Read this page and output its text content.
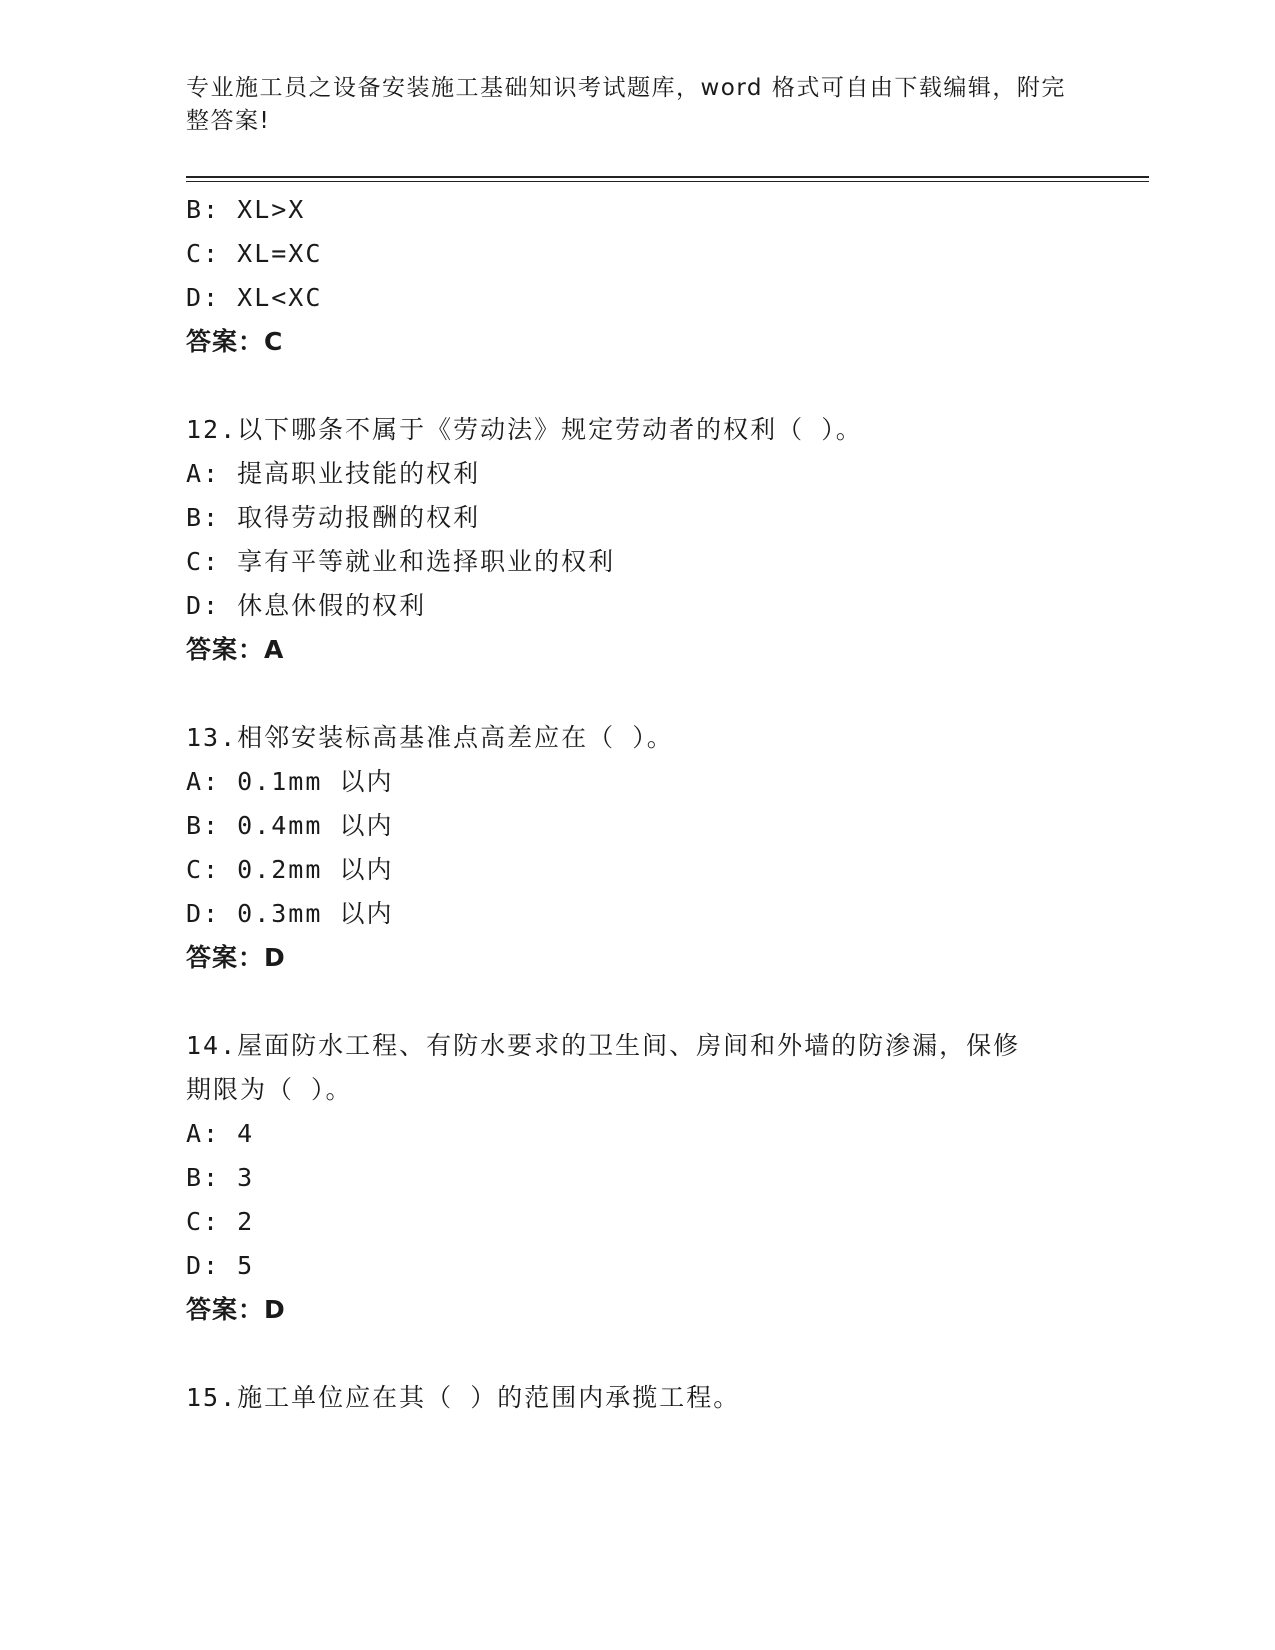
专业施工员之设备安装施工基础知识考试题库，word 格式可自由下载编辑，附完
整答案!
B: XL>X
C: XL=XC
D: XL<XC
答案：C
12.以下哪条不属于《劳动法》规定劳动者的权利（ ）。
A: 提高职业技能的权利
B: 取得劳动报酬的权利
C: 享有平等就业和选择职业的权利
D: 休息休假的权利
答案：A
13.相邻安装标高基准点高差应在（ ）。
A: 0.1mm 以内
B: 0.4mm 以内
C: 0.2mm 以内
D: 0.3mm 以内
答案：D
14.屋面防水工程、有防水要求的卫生间、房间和外墙的防渗漏，保修
期限为（ ）。
A: 4
B: 3
C: 2
D: 5
答案：D
15.施工单位应在其（ ）的范围内承揽工程。
